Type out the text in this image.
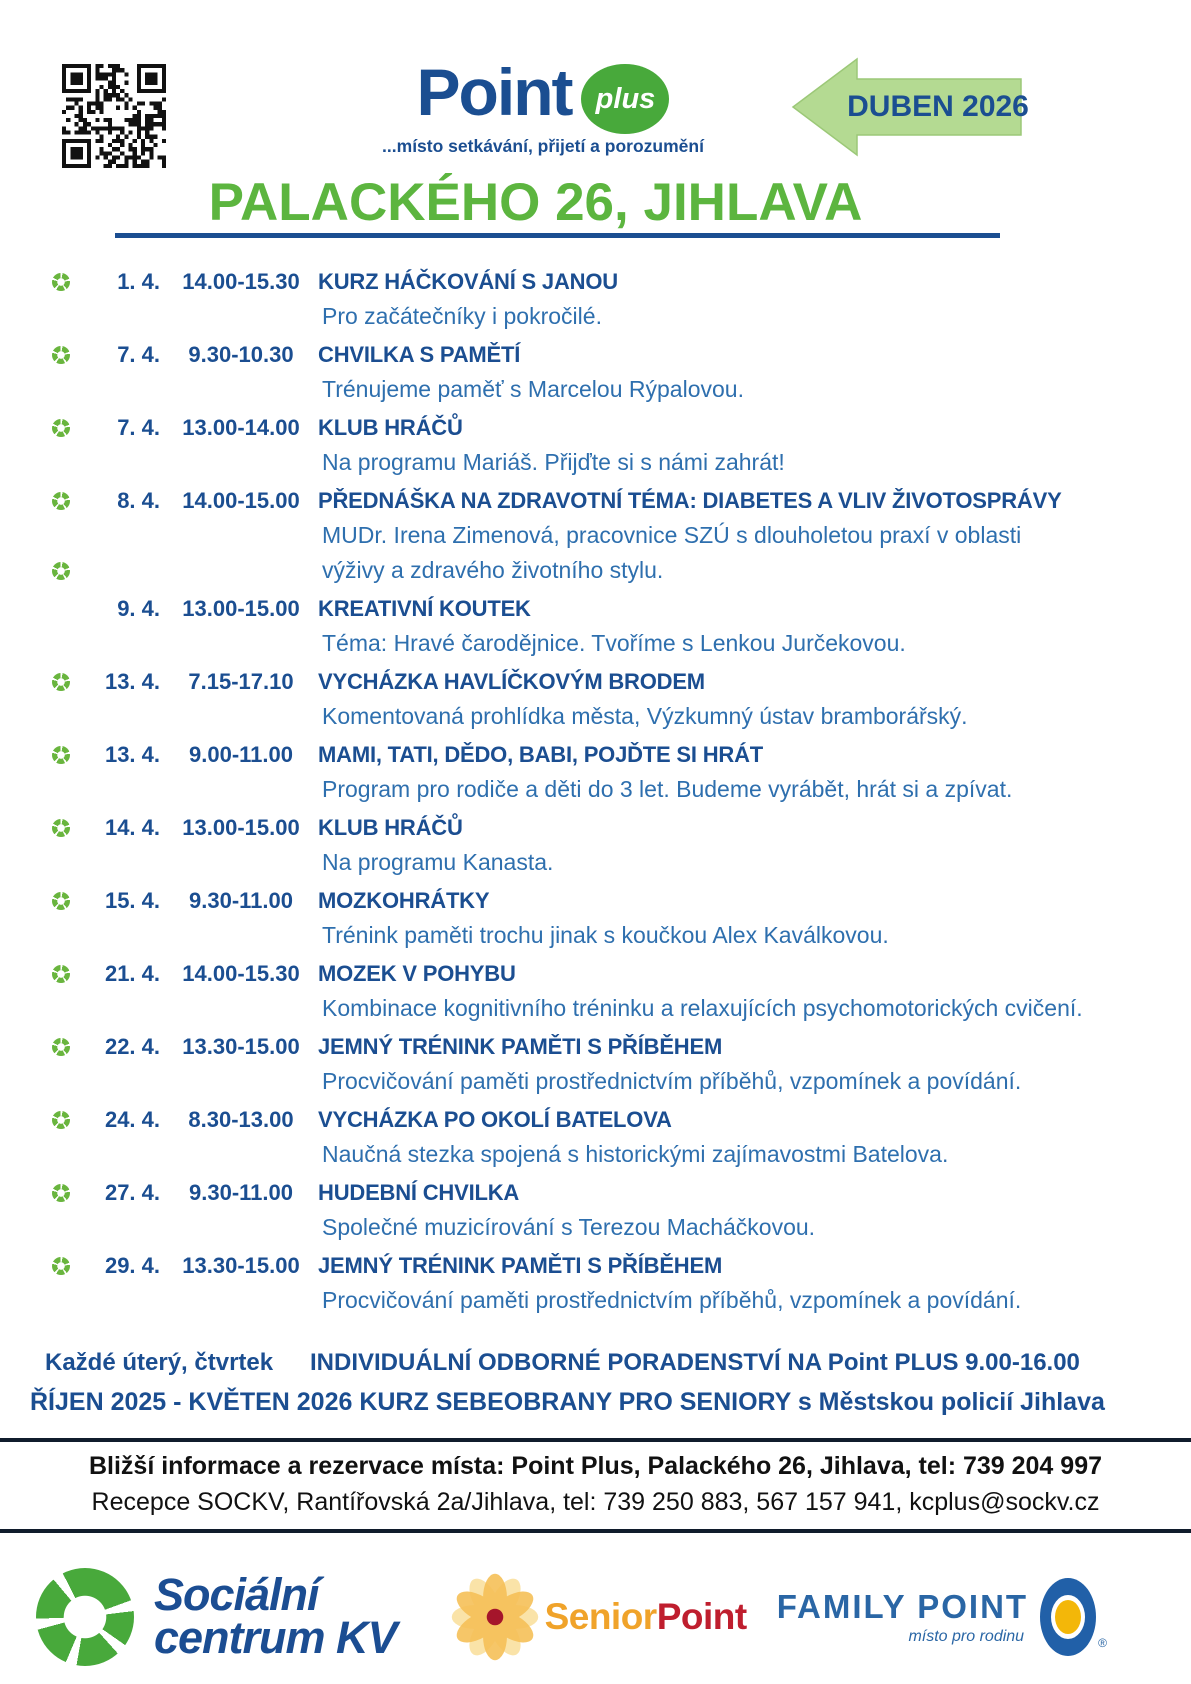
Point plus
...místo setkávání, přijetí a porozumění
DUBEN 2026
PALACKÉHO 26, JIHLAVA
1. 4.	14.00-15.30 KURZ HÁČKOVÁNÍ S JANOU
Pro začátečníky i pokročilé.
7. 4.	9.30-10.30	CHVILKA S PAMĚTÍ
Trénujeme paměť s Marcelou Rýpalovou.
7. 4.	13.00-14.00 KLUB HRÁČŮ
Na programu Mariáš. Přijďte si s námi zahrát!
8. 4.	14.00-15.00 PŘEDNÁŠKA NA ZDRAVOTNÍ TÉMA: DIABETES A VLIV ŽIVOTOSPRÁVY
MUDr. Irena Zimenová, pracovnice SZÚ s dlouholetou praxí v oblasti
výživy a zdravého životního stylu.
9. 4.	13.00-15.00 KREATIVNÍ KOUTEK
Téma: Hravé čarodějnice. Tvoříme s Lenkou Jurčekovou.
13. 4.	7.15-17.10	VYCHÁZKA HAVLÍČKOVÝM BRODEM
Komentovaná prohlídka města, Výzkumný ústav bramborářský.
13. 4.	9.00-11.00	MAMI, TATI, DĚDO, BABI, POJĎTE SI HRÁT
Program pro rodiče a děti do 3 let. Budeme vyrábět, hrát si a zpívat.
14. 4.	13.00-15.00 KLUB HRÁČŮ
Na programu Kanasta.
15. 4.	9.30-11.00	MOZKOHRÁTKY
Trénink paměti trochu jinak s koučkou Alex Kaválkovou.
21. 4.	14.00-15.30 MOZEK V POHYBU
Kombinace kognitivního tréninku a relaxujících psychomotorických cvičení.
22. 4.	13.30-15.00 JEMNÝ TRÉNINK PAMĚTI S PŘÍBĚHEM
Procvičování paměti prostřednictvím příběhů, vzpomínek a povídání.
24. 4.	8.30-13.00	VYCHÁZKA PO OKOLÍ BATELOVA
Naučná stezka spojená s historickými zajímavostmi Batelova.
27. 4.	9.30-11.00	HUDEBNÍ CHVILKA
Společné muzicírování s Terezou Macháčkovou.
29. 4.	13.30-15.00 JEMNÝ TRÉNINK PAMĚTI S PŘÍBĚHEM
Procvičování paměti prostřednictvím příběhů, vzpomínek a povídání.
Každé úterý, čtvrtek	INDIVIDUÁLNÍ ODBORNÉ PORADENSTVÍ NA Point PLUS 9.00-16.00
ŘÍJEN 2025 - KVĚTEN 2026 KURZ SEBEOBRANY PRO SENIORY s Městskou policií Jihlava
Bližší informace a rezervace místa: Point Plus, Palackého 26, Jihlava, tel: 739 204 997
Recepce SOCKV, Rantířovská 2a/Jihlava, tel: 739 250 883, 567 157 941, kcplus@sockv.cz
Sociální
centrum KV	SeniorPoint FAMILY POINT
místo pro rodinu	®
